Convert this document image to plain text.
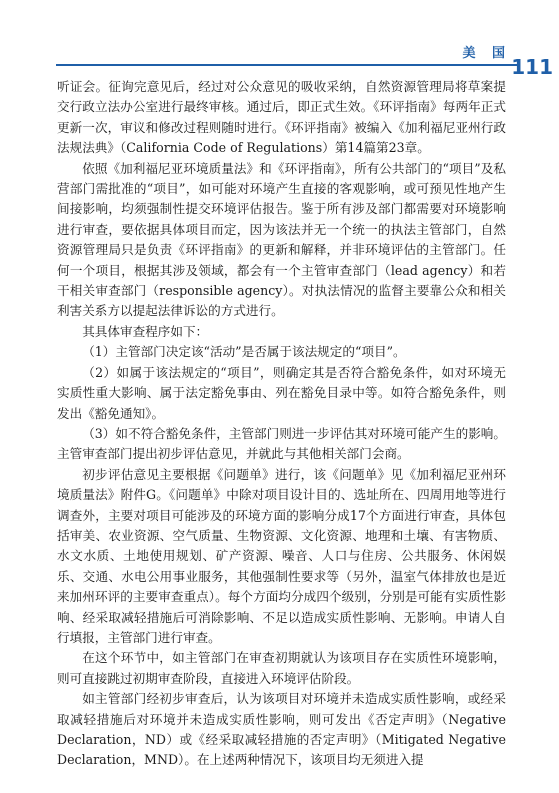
美 国
111

听证会。征询完意见后，经过对公众意见的吸收采纳，自然资源管理局将草案提交行政立法办公室进行最终审核。通过后，即正式生效。《环评指南》每两年正式更新一次，审议和修改过程则随时进行。《环评指南》被编入《加利福尼亚州行政法规法典》（California Code of Regulations）第14篇第23章。

依照《加利福尼亚环境质量法》和《环评指南》，所有公共部门的“项目”及私营部门需批准的“项目”，如可能对环境产生直接的客观影响，或可预见性地产生间接影响，均须强制性提交环境评估报告。鉴于所有涉及部门都需要对环境影响进行审查，要依据具体项目而定，因为该法并无一个统一的执法主管部门，自然资源管理局只是负责《环评指南》的更新和解释，并非环境评估的主管部门。任何一个项目，根据其涉及领域，都会有一个主管审查部门（lead agency）和若干相关审查部门（responsible agency）。对执法情况的监督主要靠公众和相关利害关系方以提起法律诉讼的方式进行。

其具体审查程序如下：

（1）主管部门决定该“活动”是否属于该法规定的“项目”。

（2）如属于该法规定的“项目”，则确定其是否符合豁免条件，如对环境无实质性重大影响、属于法定豁免事由、列在豁免目录中等。如符合豁免条件，则发出《豁免通知》。

（3）如不符合豁免条件，主管部门则进一步评估其对环境可能产生的影响。主管审查部门提出初步评估意见，并就此与其他相关部门会商。

初步评估意见主要根据《问题单》进行，该《问题单》见《加利福尼亚州环境质量法》附件G。《问题单》中除对项目设计目的、选址所在、四周用地等进行调查外，主要对项目可能涉及的环境方面的影响分成17个方面进行审查，具体包括审美、农业资源、空气质量、生物资源、文化资源、地理和土壤、有害物质、水文水质、土地使用规划、矿产资源、噪音、人口与住房、公共服务、休闲娱乐、交通、水电公用事业服务，其他强制性要求等（另外，温室气体排放也是近来加州环评的主要审查重点）。每个方面均分成四个级别，分别是可能有实质性影响、经采取减轻措施后可消除影响、不足以造成实质性影响、无影响。申请人自行填报，主管部门进行审查。

在这个环节中，如主管部门在审查初期就认为该项目存在实质性环境影响，则可直接跳过初期审查阶段，直接进入环境评估阶段。

如主管部门经初步审查后，认为该项目对环境并未造成实质性影响，或经采取减轻措施后对环境并未造成实质性影响，则可发出《否定声明》（Negative Declaration，ND）或《经采取减轻措施的否定声明》（Mitigated Negative Declaration，MND）。在上述两种情况下，该项目均无须进入提
